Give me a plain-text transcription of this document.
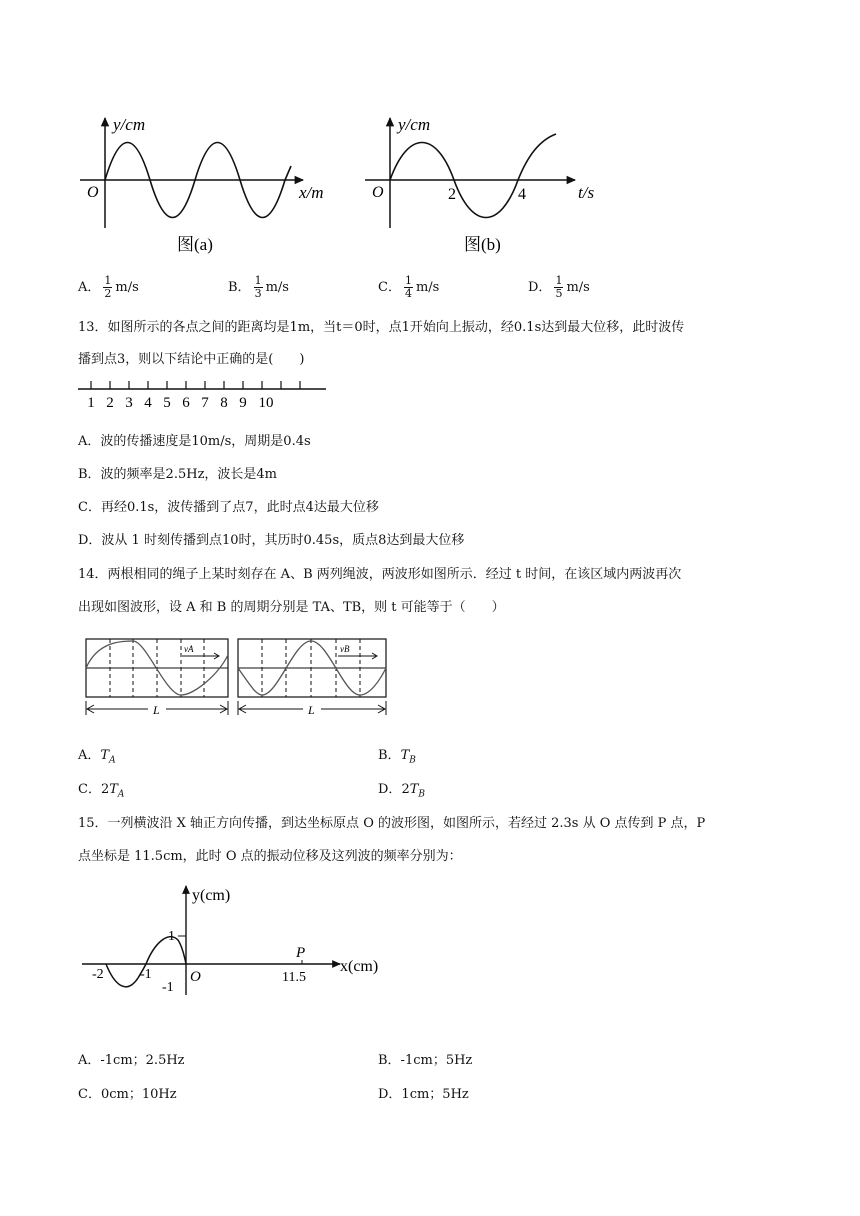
y/cm
x/m
O
图(a)
y/cm
t/s
O	2	4
图(b)
A． $\frac{1}{2} m/s$	B． $\frac{1}{3} m/s$	C． $\frac{1}{4} m/s$	D． $\frac{1}{5} m/s$
13．如图所示的各点之间的距离均是1m，当t＝0时，点1开始向上振动，经0.1s达到最大位移，此时波传
播到点3，则以下结论中正确的是(　　)
1 2 3 4 5 6 7 8 9 10
A．波的传播速度是10m/s，周期是0.4s
B．波的频率是2.5Hz，波长是4m
C．再经0.1s，波传播到了点7，此时点4达最大位移
D．波从 1 时刻传播到点10时，其历时0.45s，质点8达到最大位移
14．两根相同的绳子上某时刻存在 A、B 两列绳波，两波形如图所示．经过 t 时间，在该区域内两波再次
出现如图波形，设 A 和 B 的周期分别是 TA、TB，则 t 可能等于（　　）
vA	vB
L	L
A．$T_A$	B．$T_B$
C．$2T_A$	D．$2T_B$
15．一列横波沿 X 轴正方向传播，到达坐标原点 O 的波形图，如图所示，若经过 2.3s 从 O 点传到 P 点，P
点坐标是 11.5cm，此时 O 点的振动位移及这列波的频率分别为：
y(cm)
x(cm)
O
1
-1
-2	-1
P
11.5
A．-1cm；2.5Hz	B．-1cm；5Hz
C．0cm；10Hz	D．1cm；5Hz
